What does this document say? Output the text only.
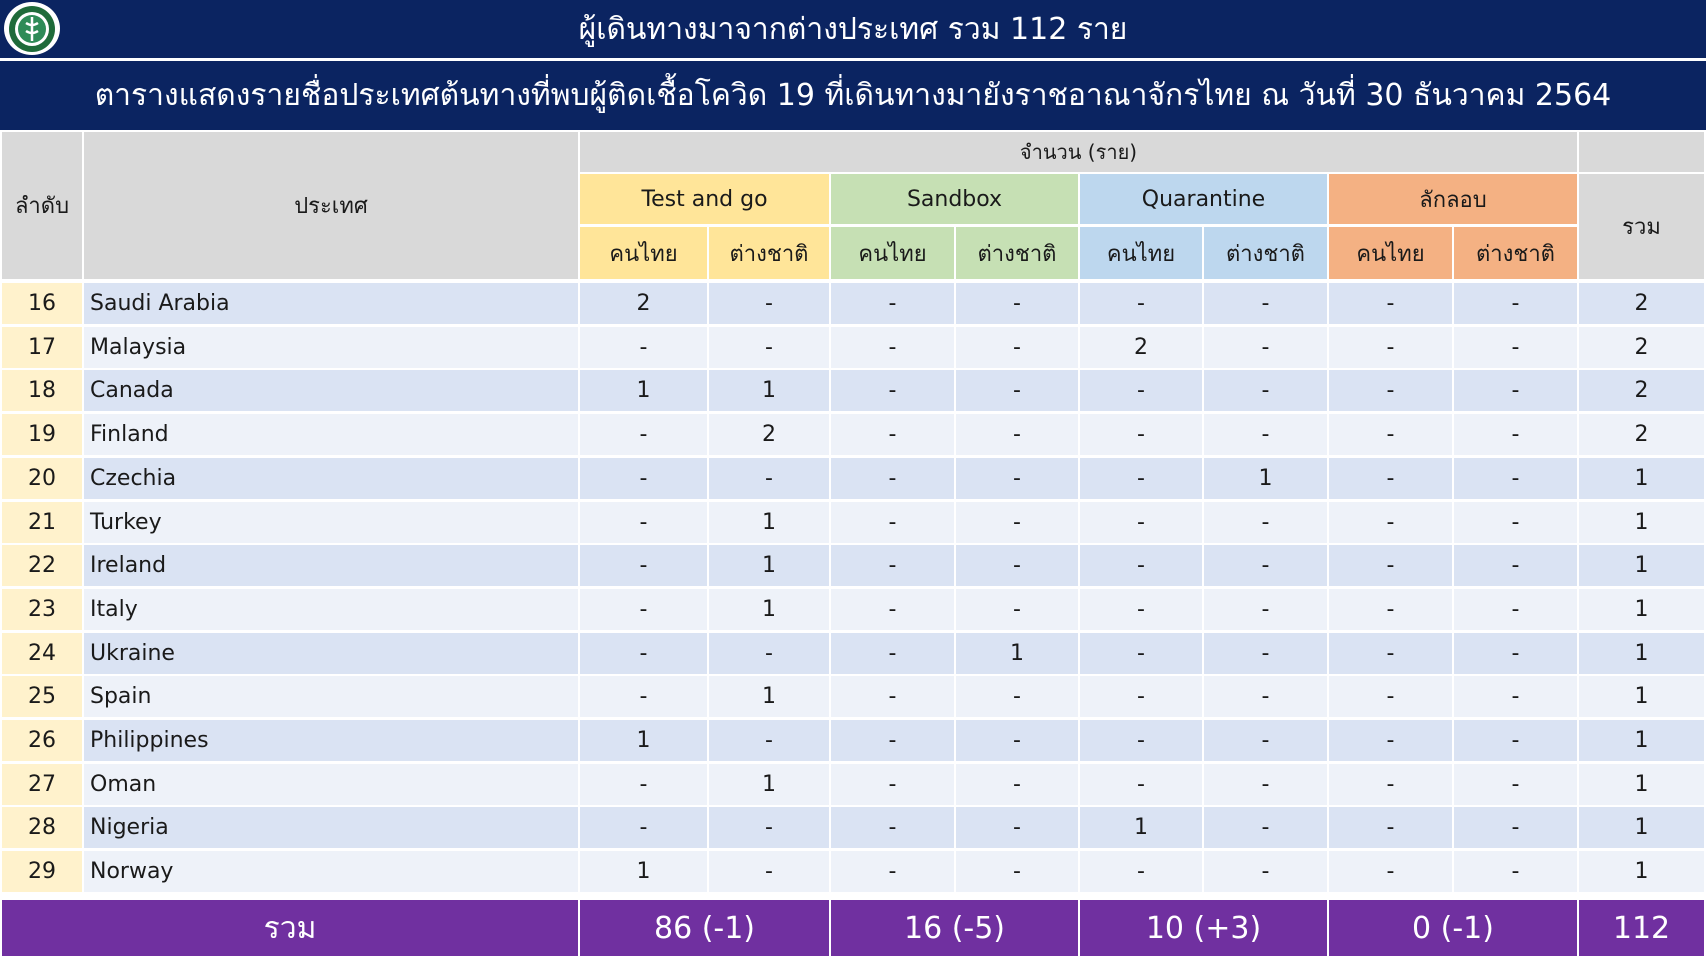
ผู้เดินทางมาจากต่างประเทศ รวม 112 ราย
ตารางแสดงรายชื่อประเทศต้นทางที่พบผู้ติดเชื้อโควิด 19 ที่เดินทางมายังราชอาณาจักรไทย ณ วันที่ 30 ธันวาคม 2564
ลำดับ	ประเทศ
จำนวน (ราย)
รวม
Test and go
คนไทย	ต่างชาติ
Sandbox
คนไทย	ต่างชาติ
Quarantine
คนไทย	ต่างชาติ
ลักลอบ
คนไทย	ต่างชาติ
16	Saudi Arabia	2	-	-	-	-	-	-	-	2
17	Malaysia	-	-	-	-	2	-	-	-	2
18	Canada	1	1	-	-	-	-	-	-	2
19	Finland	-	2	-	-	-	-	-	-	2
20	Czechia	-	-	-	-	-	1	-	-	1
21	Turkey	-	1	-	-	-	-	-	-	1
22	Ireland	-	1	-	-	-	-	-	-	1
23	Italy	-	1	-	-	-	-	-	-	1
24	Ukraine	-	-	-	1	-	-	-	-	1
25	Spain	-	1	-	-	-	-	-	-	1
26	Philippines	1	-	-	-	-	-	-	-	1
27	Oman	-	1	-	-	-	-	-	-	1
28	Nigeria	-	-	-	-	1	-	-	-	1
29	Norway	1	-	-	-	-	-	-	-	1
รวม	86 (-1)	16 (-5)	10 (+3)	0 (-1)	112
